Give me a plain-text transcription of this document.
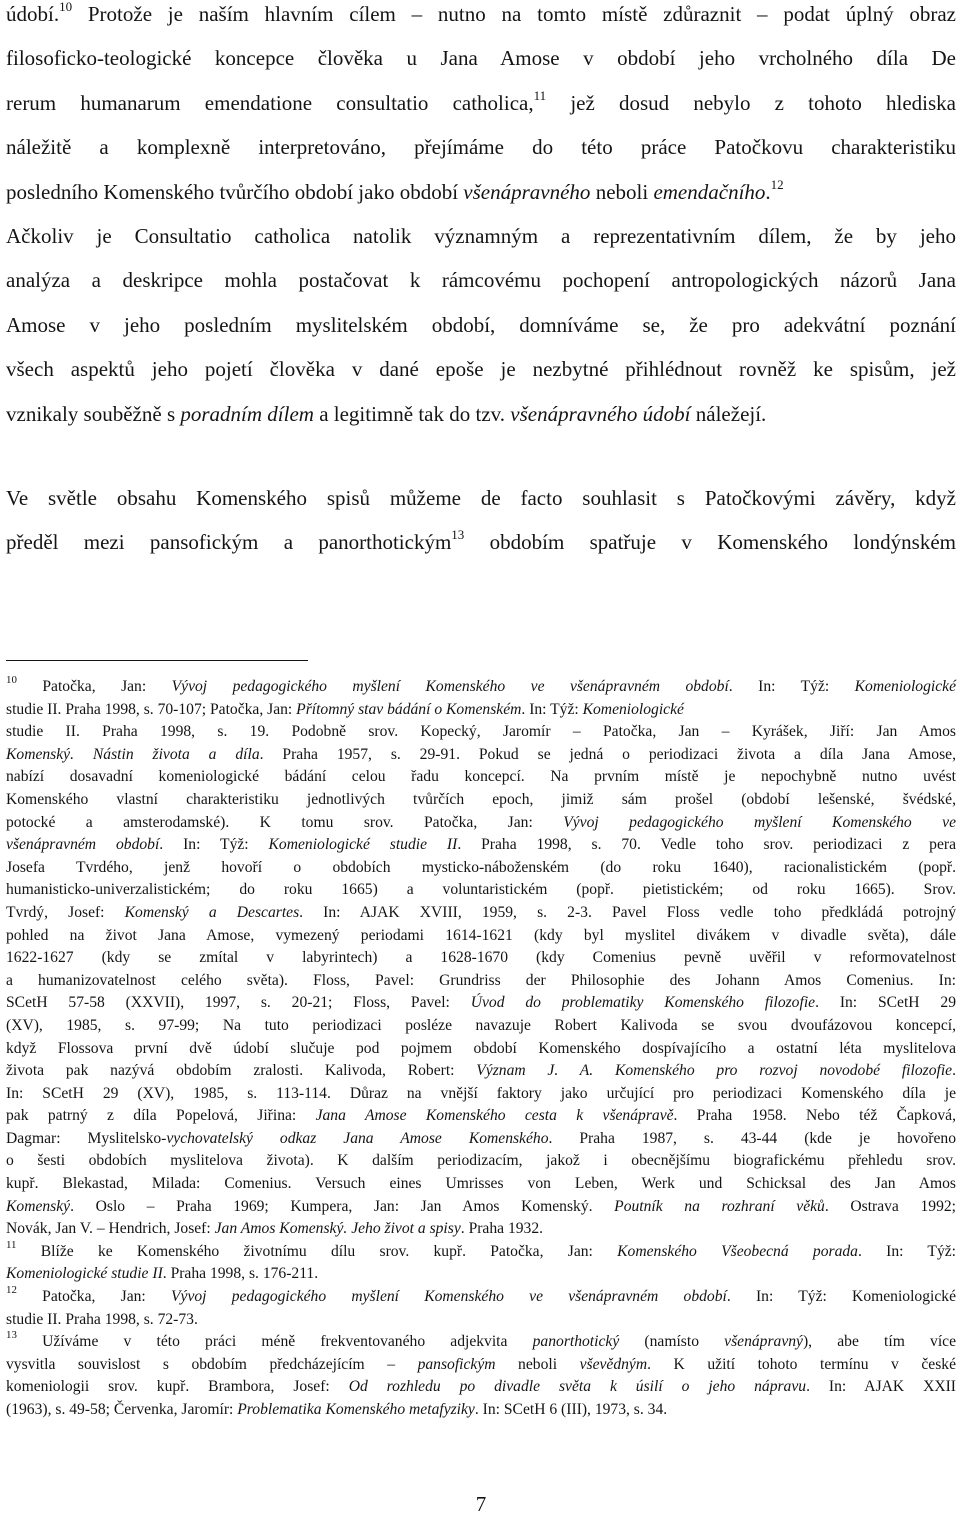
údobí.$^{10}$ Protože je naším hlavním cílem – nutno na tomto místě zdůraznit – podat úplný obraz
filosoficko-teologické koncepce člověka u Jana Amose v období jeho vrcholného díla De
rerum humanarum emendatione consultatio catholica,$^{11}$ jež dosud nebylo z tohoto hlediska
náležitě a komplexně interpretováno, přejímáme do této práce Patočkovu charakteristiku
posledního Komenského tvůrčího období jako období všenápravného neboli emendačního.$^{12}$
Ačkoliv je Consultatio catholica natolik významným a reprezentativním dílem, že by jeho
analýza a deskripce mohla postačovat k rámcovému pochopení antropologických názorů Jana
Amose v jeho posledním myslitelském období, domníváme se, že pro adekvátní poznání
všech aspektů jeho pojetí člověka v dané epoše je nezbytné přihlédnout rovněž ke spisům, jež
vznikaly souběžně s poradním dílem a legitimně tak do tzv. všenápravného údobí náležejí.
Ve světle obsahu Komenského spisů můžeme de facto souhlasit s Patočkovými závěry, když
předěl mezi pansofickým a panorthotickým$^{13}$ obdobím spatřuje v Komenského londýnském
$^{10}$ Patočka, Jan: Vývoj pedagogického myšlení Komenského ve všenápravném období. In: Týž: Komeniologické
studie II. Praha 1998, s. 70-107; Patočka, Jan: Přítomný stav bádání o Komenském. In: Týž: Komeniologické
studie II. Praha 1998, s. 19. Podobně srov. Kopecký, Jaromír – Patočka, Jan – Kyrášek, Jiří: Jan Amos
Komenský. Nástin života a díla. Praha 1957, s. 29-91. Pokud se jedná o periodizaci života a díla Jana Amose,
nabízí dosavadní komeniologické bádání celou řadu koncepcí. Na prvním místě je nepochybně nutno uvést
Komenského vlastní charakteristiku jednotlivých tvůrčích epoch, jimiž sám prošel (období lešenské, švédské,
potocké a amsterodamské). K tomu srov. Patočka, Jan: Vývoj pedagogického myšlení Komenského ve
všenápravném období. In: Týž: Komeniologické studie II. Praha 1998, s. 70. Vedle toho srov. periodizaci z pera
Josefa Tvrdého, jenž hovoří o obdobích mysticko-náboženském (do roku 1640), racionalistickém (popř.
humanisticko-univerzalistickém; do roku 1665) a voluntaristickém (popř. pietistickém; od roku 1665). Srov.
Tvrdý, Josef: Komenský a Descartes. In: AJAK XVIII, 1959, s. 2-3. Pavel Floss vedle toho předkládá potrojný
pohled na život Jana Amose, vymezený periodami 1614-1621 (kdy byl myslitel divákem v divadle světa), dále
1622-1627 (kdy se zmítal v labyrintech) a 1628-1670 (kdy Comenius pevně uvěřil v reformovatelnost
a humanizovatelnost celého světa). Floss, Pavel: Grundriss der Philosophie des Johann Amos Comenius. In:
SCetH 57-58 (XXVII), 1997, s. 20-21; Floss, Pavel: Úvod do problematiky Komenského filozofie. In: SCetH 29
(XV), 1985, s. 97-99; Na tuto periodizaci posléze navazuje Robert Kalivoda se svou dvoufázovou koncepcí,
když Flossova první dvě údobí slučuje pod pojmem období Komenského dospívajícího a ostatní léta myslitelova
života pak nazývá obdobím zralosti. Kalivoda, Robert: Význam J. A. Komenského pro rozvoj novodobé filozofie.
In: SCetH 29 (XV), 1985, s. 113-114. Důraz na vnější faktory jako určující pro periodizaci Komenského díla je
pak patrný z díla Popelová, Jiřina: Jana Amose Komenského cesta k všenápravě. Praha 1958. Nebo též Čapková,
Dagmar: Myslitelsko-vychovatelský odkaz Jana Amose Komenského. Praha 1987, s. 43-44 (kde je hovořeno
o šesti obdobích myslitelova života). K dalším periodizacím, jakož i obecnějšímu biografickému přehledu srov.
kupř. Blekastad, Milada: Comenius. Versuch eines Umrisses von Leben, Werk und Schicksal des Jan Amos
Komenský. Oslo – Praha 1969; Kumpera, Jan: Jan Amos Komenský. Poutník na rozhraní věků. Ostrava 1992;
Novák, Jan V. – Hendrich, Josef: Jan Amos Komenský. Jeho život a spisy. Praha 1932.
$^{11}$ Blíže ke Komenského životnímu dílu srov. kupř. Patočka, Jan: Komenského Všeobecná porada. In: Týž:
Komeniologické studie II. Praha 1998, s. 176-211.
$^{12}$ Patočka, Jan: Vývoj pedagogického myšlení Komenského ve všenápravném období. In: Týž: Komeniologické
studie II. Praha 1998, s. 72-73.
$^{13}$ Užíváme v této práci méně frekventovaného adjekvita panorthotický (namísto všenápravný), abe tím více
vysvitla souvislost s obdobím předcházejícím – pansofickým neboli vševědným. K užití tohoto termínu v české
komeniologii srov. kupř. Brambora, Josef: Od rozhledu po divadle světa k úsilí o jeho nápravu. In: AJAK XXII
(1963), s. 49-58; Červenka, Jaromír: Problematika Komenského metafyziky. In: SCetH 6 (III), 1973, s. 34.
7
